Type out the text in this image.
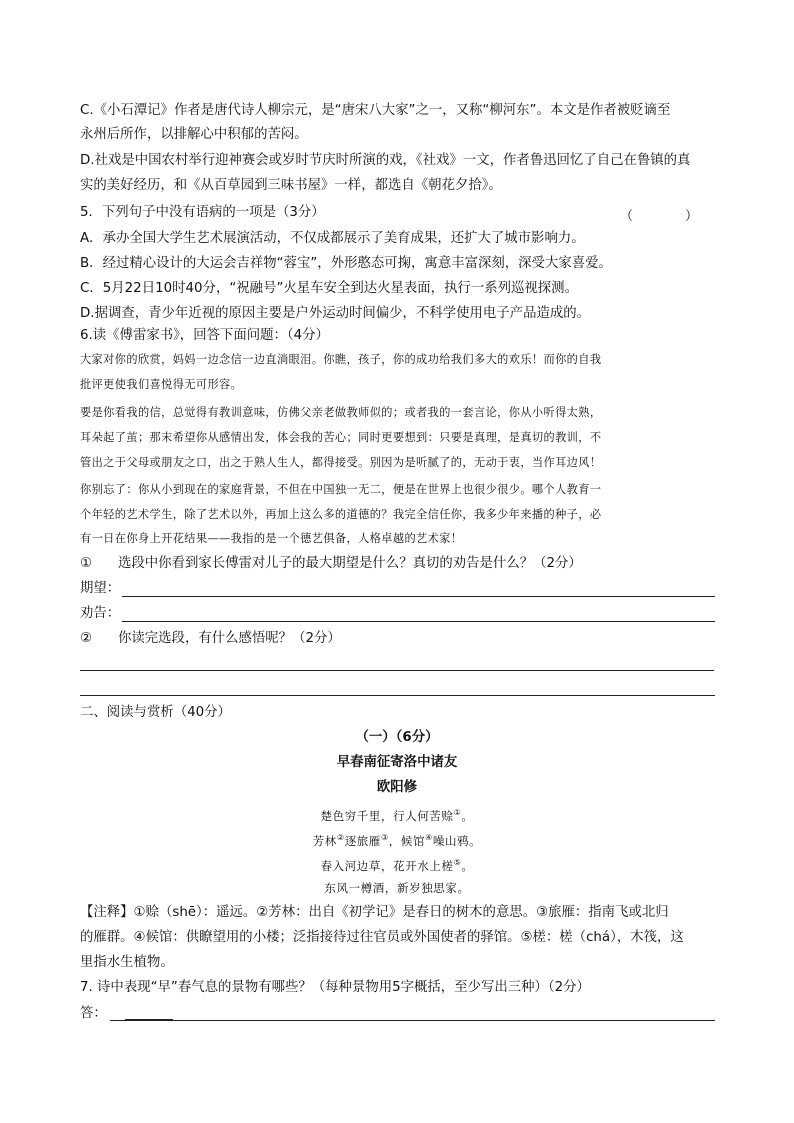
C.《小石潭记》作者是唐代诗人柳宗元，是“唐宋八大家”之一，又称“柳河东”。本文是作者被贬谪至
永州后所作，以排解心中积郁的苦闷。
D.社戏是中国农村举行迎神赛会或岁时节庆时所演的戏，《社戏》一文，作者鲁迅回忆了自己在鲁镇的真
实的美好经历，和《从百草园到三味书屋》一样，都选自《朝花夕拾》。
5．下列句子中没有语病的一项是（3分）	（　　　　）
A．承办全国大学生艺术展演活动，不仅成都展示了美育成果，还扩大了城市影响力。
B．经过精心设计的大运会吉祥物“蓉宝”，外形憨态可掬，寓意丰富深刻，深受大家喜爱。
C．5月22日10时40分，“祝融号”火星车安全到达火星表面，执行一系列巡视探测。
D.据调查，青少年近视的原因主要是户外运动时间偏少，不科学使用电子产品造成的。
6.读《傅雷家书》，回答下面问题：（4分）
大家对你的欣赏，妈妈一边念信一边直淌眼泪。你瞧，孩子，你的成功给我们多大的欢乐！而你的自我
批评更使我们喜悦得无可形容。
要是你看我的信，总觉得有教训意味，仿佛父亲老做教师似的；或者我的一套言论，你从小听得太熟，
耳朵起了茧；那末希望你从感情出发，体会我的苦心；同时更要想到：只要是真理，是真切的教训，不
管出之于父母或朋友之口，出之于熟人生人，都得接受。别因为是听腻了的，无动于衷，当作耳边风！
你别忘了：你从小到现在的家庭背景，不但在中国独一无二，便是在世界上也很少很少。哪个人教育一
个年轻的艺术学生，除了艺术以外，再加上这么多的道德的？我完全信任你，我多少年来播的种子，必
有一日在你身上开花结果——我指的是一个德艺俱备，人格卓越的艺术家！
① 选段中你看到家长傅雷对儿子的最大期望是什么？真切的劝告是什么？（2分）
期望：
劝告：
② 你读完选段，有什么感悟呢？（2分）
二、阅读与赏析（40分）
（一）（6分）
早春南征寄洛中诸友
欧阳修
楚色穷千里，行人何苦赊①。
芳林②逐旅雁③，候馆④噪山鸦。
春入河边草，花开水上槎⑤。
东风一樽酒，新岁独思家。
【注释】①赊（shē）：遥远。②芳林：出自《初学记》是春日的树木的意思。③旅雁：指南飞或北归
的雁群。④候馆：供瞭望用的小楼；泛指接待过往官员或外国使者的驿馆。⑤槎：槎（chá），木筏，这
里指水生植物。
7. 诗中表现“早”春气息的景物有哪些？（每种景物用5字概括，至少写出三种）（2分）
答：
